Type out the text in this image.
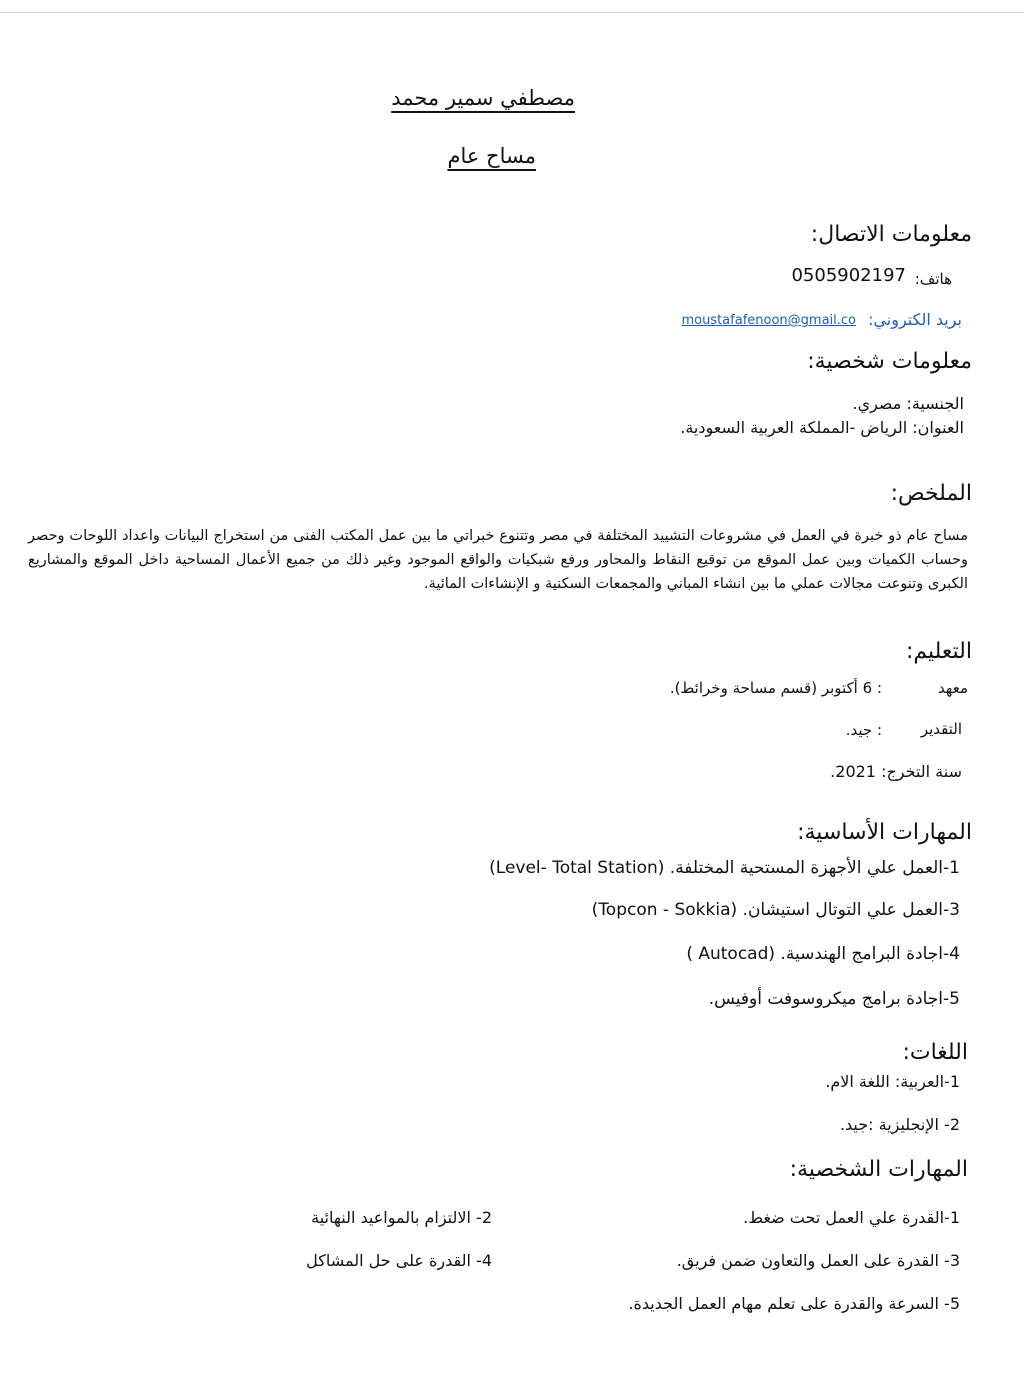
مصطفي سمير محمد
مساح عام
معلومات الاتصال:
هاتف:
0505902197
بريد الكتروني:
moustafafenoon@gmail.co
معلومات شخصية:
الجنسية: مصري.
العنوان: الرياض -المملكة العربية السعودية.
الملخص:
مساح عام ذو خبرة في العمل في مشروعات التشييد المختلفة في مصر وتتنوع خبراتي ما بين عمل المكتب الفنى من استخراج البيانات واعداد اللوحات وحصر وحساب الكميات وبين عمل الموقع من توقيع النقاط والمحاور ورفع شبكيات والواقع الموجود وغير ذلك من جميع الأعمال المساحية داخل الموقع والمشاريع الكبرى وتنوعت مجالات عملي ما بين انشاء المباني والمجمعات السكنية و الإنشاءات المائية.
التعليم:
معهد
: 6 أكتوبر (قسم مساحة وخرائط).
التقدير
: جيد.
سنة التخرج: 2021.
المهارات الأساسية:
1-العمل علي الأجهزة المستحية المختلفة. (Level- Total Station)
3-العمل علي التوتال استيشان. (Topcon - Sokkia)
4-اجادة البرامج الهندسية. (Autocad )
5-اجادة برامج ميكروسوفت أوفيس.
اللغات:
1-العربية: اللغة الام.
2- الإنجليزية :جيد.
المهارات الشخصية:
1-القدرة علي العمل تحت ضغط.
2- الالتزام بالمواعيد النهائية
3- القدرة على العمل والتعاون ضمن فريق.
4- القدرة على حل المشاكل
5- السرعة والقدرة على تعلم مهام العمل الجديدة.
